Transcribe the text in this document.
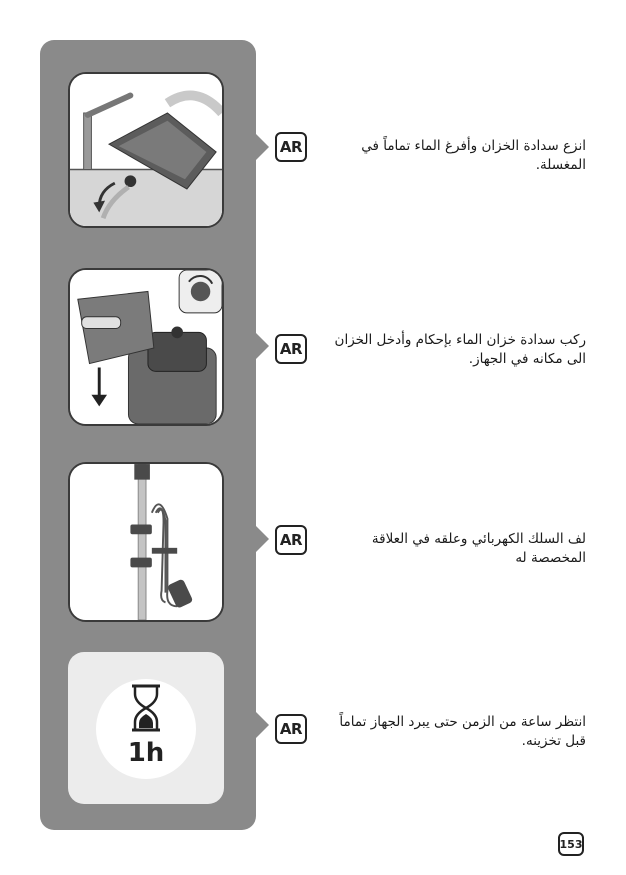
1h
AR
AR
AR
AR
انزع سدادة الخزان وأفرغ الماء تماماً في المغسلة.
ركب سدادة خزان الماء بإحكام وأدخل الخزان الى مكانه في الجهاز.
لف السلك الكهربائي وعلقه في العلاقة المخصصة له
انتظر ساعة من الزمن حتى يبرد الجهاز تماماً قبل تخزينه.
153
